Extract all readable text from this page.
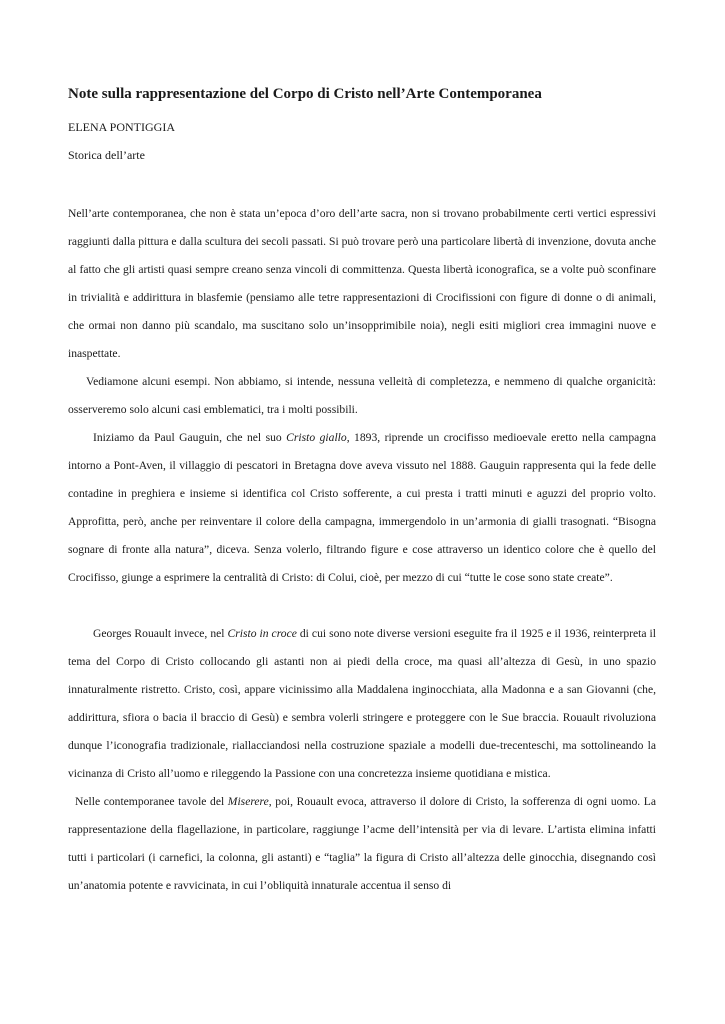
Note sulla rappresentazione del Corpo di Cristo nell’Arte Contemporanea
ELENA PONTIGGIA
Storica dell’arte

Nell’arte contemporanea, che non è stata un’epoca d’oro dell’arte sacra, non si trovano probabilmente certi vertici espressivi raggiunti dalla pittura e dalla scultura dei secoli passati. Si può trovare però una particolare libertà di invenzione, dovuta anche al fatto che gli artisti quasi sempre creano senza vincoli di committenza. Questa libertà iconografica, se a volte può sconfinare in trivialità e addirittura in blasfemie (pensiamo alle tetre rappresentazioni di Crocifissioni con figure di donne o di animali, che ormai non danno più scandalo, ma suscitano solo un’insopprimibile noia), negli esiti migliori crea immagini nuove e inaspettate.

Vediamone alcuni esempi. Non abbiamo, si intende, nessuna velleità di completezza, e nemmeno di qualche organicità: osserveremo solo alcuni casi emblematici, tra i molti possibili.

Iniziamo da Paul Gauguin, che nel suo Cristo giallo, 1893, riprende un crocifisso medioevale eretto nella campagna intorno a Pont-Aven, il villaggio di pescatori in Bretagna dove aveva vissuto nel 1888. Gauguin rappresenta qui la fede delle contadine in preghiera e insieme si identifica col Cristo sofferente, a cui presta i tratti minuti e aguzzi del proprio volto. Approfitta, però, anche per reinventare il colore della campagna, immergendolo in un’armonia di gialli trasognati. “Bisogna sognare di fronte alla natura”, diceva. Senza volerlo, filtrando figure e cose attraverso un identico colore che è quello del Crocifisso, giunge a esprimere la centralità di Cristo: di Colui, cioè, per mezzo di cui “tutte le cose sono state create”.

Georges Rouault invece, nel Cristo in croce di cui sono note diverse versioni eseguite fra il 1925 e il 1936, reinterpreta il tema del Corpo di Cristo collocando gli astanti non ai piedi della croce, ma quasi all’altezza di Gesù, in uno spazio innaturalmente ristretto. Cristo, così, appare vicinissimo alla Maddalena inginocchiata, alla Madonna e a san Giovanni (che, addirittura, sfiora o bacia il braccio di Gesù) e sembra volerli stringere e proteggere con le Sue braccia. Rouault rivoluziona dunque l’iconografia tradizionale, riallacciandosi nella costruzione spaziale a modelli due-trecenteschi, ma sottolineando la vicinanza di Cristo all’uomo e rileggendo la Passione con una concretezza insieme quotidiana e mistica.

Nelle contemporanee tavole del Miserere, poi, Rouault evoca, attraverso il dolore di Cristo, la sofferenza di ogni uomo. La rappresentazione della flagellazione, in particolare, raggiunge l’acme dell’intensità per via di levare. L’artista elimina infatti tutti i particolari (i carnefici, la colonna, gli astanti) e “taglia” la figura di Cristo all’altezza delle ginocchia, disegnando così un’anatomia potente e ravvicinata, in cui l’obliquità innaturale accentua il senso di
